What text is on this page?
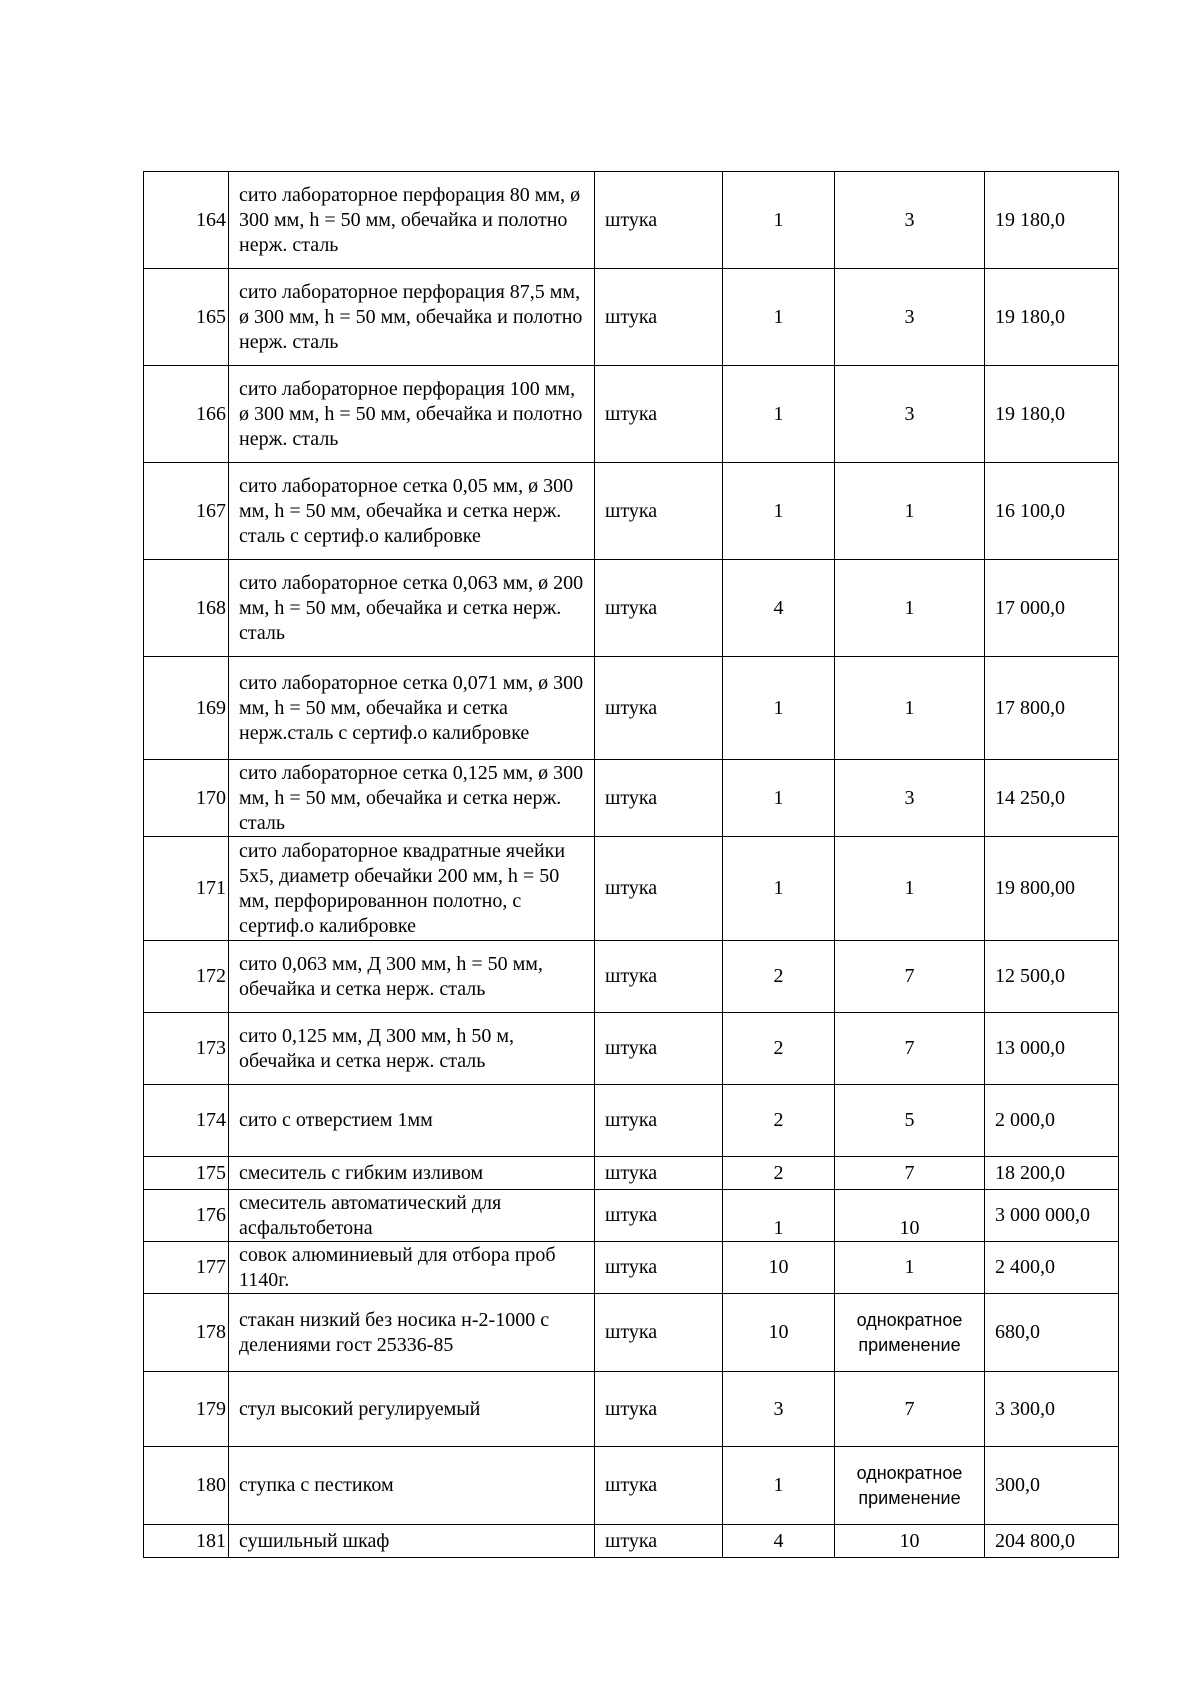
164	сито лабораторное перфорация 80 мм, ø 300 мм, h = 50 мм, обечайка и полотно нерж. сталь	штука	1	3	19 180,0
165	сито лабораторное перфорация 87,5 мм, ø 300 мм, h = 50 мм, обечайка и полотно нерж. сталь	штука	1	3	19 180,0
166	сито лабораторное перфорация 100 мм, ø 300 мм, h = 50 мм, обечайка и полотно нерж. сталь	штука	1	3	19 180,0
167	сито лабораторное сетка 0,05 мм, ø 300 мм, h = 50 мм, обечайка и сетка нерж. сталь с сертиф.о калибровке	штука	1	1	16 100,0
168	сито лабораторное сетка 0,063 мм, ø 200 мм, h = 50 мм, обечайка и сетка нерж. сталь	штука	4	1	17 000,0
169	сито лабораторное сетка 0,071 мм, ø 300 мм, h = 50 мм, обечайка и сетка нерж.сталь с сертиф.о калибровке	штука	1	1	17 800,0
170	сито лабораторное сетка 0,125 мм, ø 300 мм, h = 50 мм, обечайка и сетка нерж. сталь	штука	1	3	14 250,0
171	сито лабораторное квадратные ячейки 5х5, диаметр обечайки 200 мм, h = 50 мм, перфорированнон полотно, с сертиф.о калибровке	штука	1	1	19 800,00
172	сито 0,063 мм, Д 300 мм, h = 50 мм, обечайка и сетка нерж. сталь	штука	2	7	12 500,0
173	сито 0,125 мм, Д 300 мм, h 50 м, обечайка и сетка нерж. сталь	штука	2	7	13 000,0
174	сито с отверстием 1мм	штука	2	5	2 000,0
175	смеситель с гибким изливом	штука	2	7	18 200,0
176	смеситель автоматический для асфальтобетона	штука	1	10	3 000 000,0
177	совок алюминиевый для отбора проб 1140г.	штука	10	1	2 400,0
178	стакан низкий без носика н-2-1000 с делениями гост 25336-85	штука	10	однократное применение	680,0
179	стул высокий регулируемый	штука	3	7	3 300,0
180	ступка с пестиком	штука	1	однократное применение	300,0
181	сушильный шкаф	штука	4	10	204 800,0
